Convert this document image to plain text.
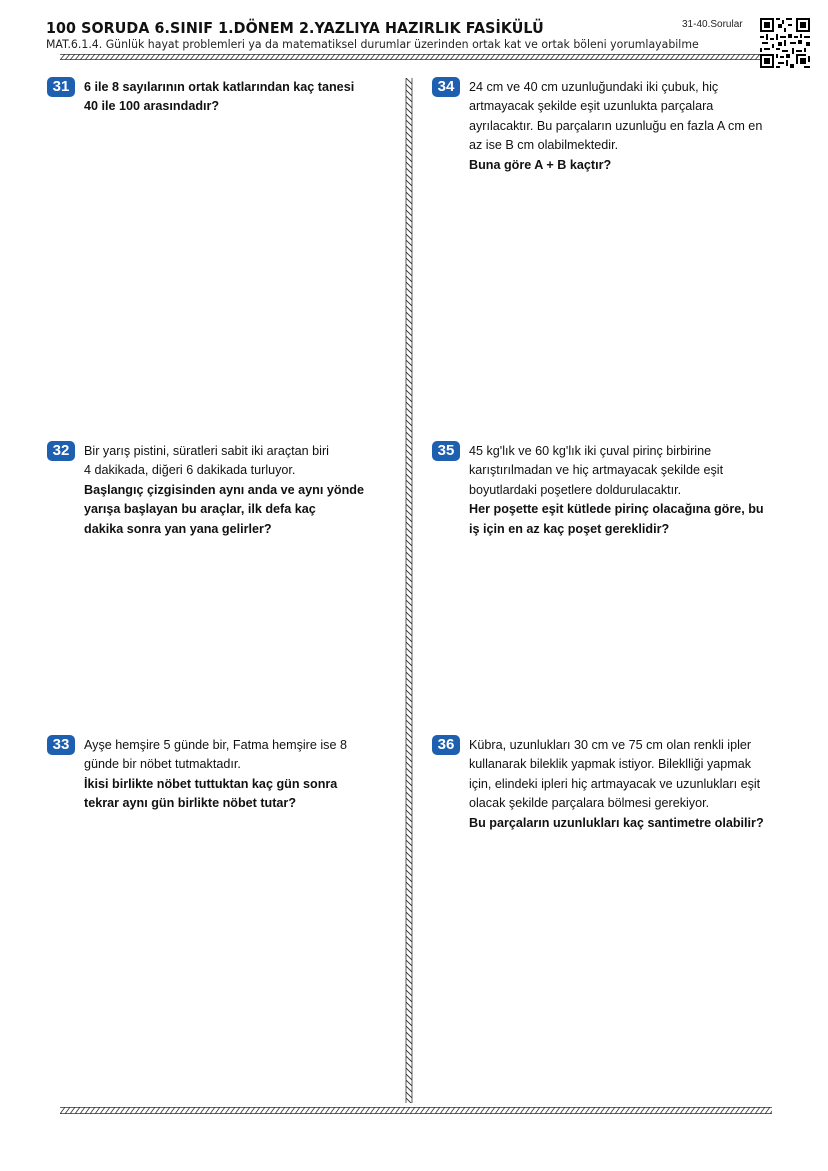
100 SORUDA 6.SINIF 1.DÖNEM 2.YAZLIYA HAZIRLIK FASİKÜLÜ
MAT.6.1.4. Günlük hayat problemleri ya da matematiksel durumlar üzerinden ortak kat ve ortak böleni yorumlayabilme
31-40.Sorular
31	6 ile 8 sayılarının ortak katlarından kaç tanesi
40 ile 100 arasındadır?
32	Bir yarış pistini, süratleri sabit iki araçtan biri
4 dakikada, diğeri 6 dakikada turluyor.
Başlangıç çizgisinden aynı anda ve aynı yönde
yarışa başlayan bu araçlar, ilk defa kaç
dakika sonra yan yana gelirler?
33	Ayşe hemşire 5 günde bir, Fatma hemşire ise 8
günde bir nöbet tutmaktadır.
İkisi birlikte nöbet tuttuktan kaç gün sonra
tekrar aynı gün birlikte nöbet tutar?
34	24 cm ve 40 cm uzunluğundaki iki çubuk, hiç
artmayacak şekilde eşit uzunlukta parçalara
ayrılacaktır. Bu parçaların uzunluğu en fazla A cm en
az ise B cm olabilmektedir.
Buna göre A + B kaçtır?
35	45 kg'lık ve 60 kg'lık iki çuval pirinç birbirine
karıştırılmadan ve hiç artmayacak şekilde eşit
boyutlardaki poşetlere doldurulacaktır.
Her poşette eşit kütlede pirinç olacağına göre, bu
iş için en az kaç poşet gereklidir?
36	Kübra, uzunlukları 30 cm ve 75 cm olan renkli ipler
kullanarak bileklik yapmak istiyor. Bileklliği yapmak
için, elindeki ipleri hiç artmayacak ve uzunlukları eşit
olacak şekilde parçalara bölmesi gerekiyor.
Bu parçaların uzunlukları kaç santimetre olabilir?
